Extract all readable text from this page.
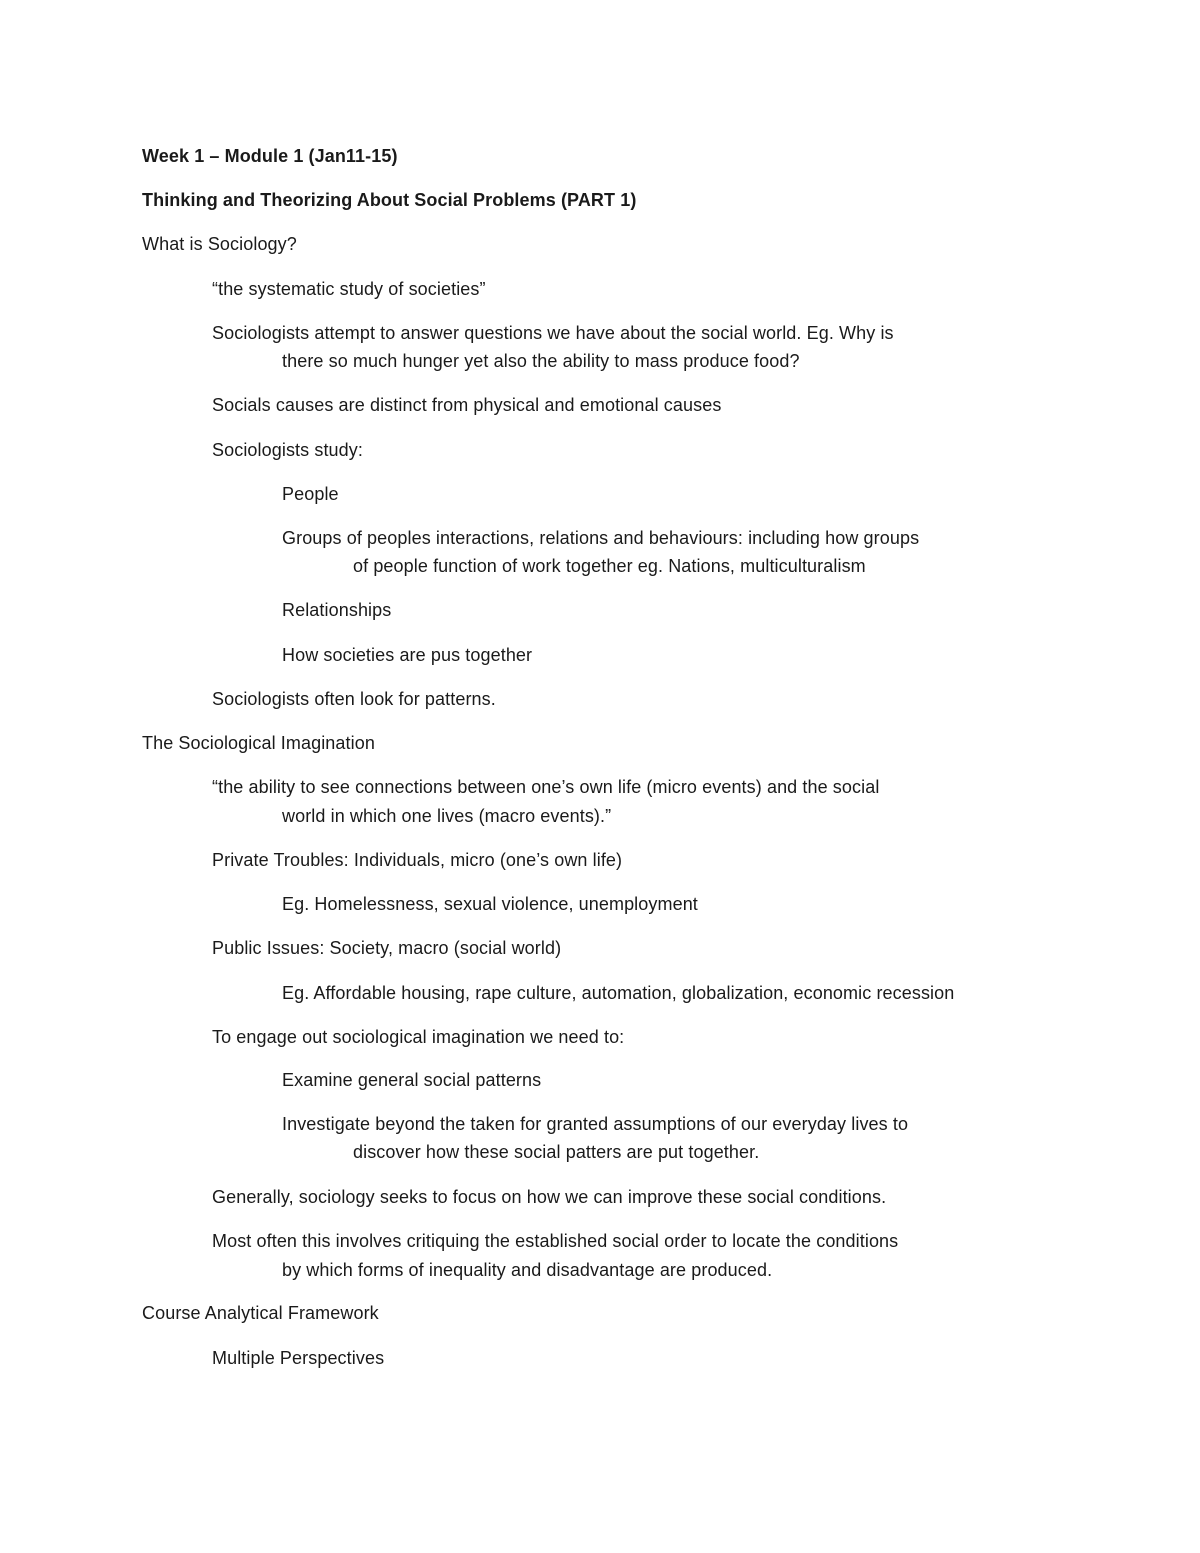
Week 1 – Module 1 (Jan11-15)

Thinking and Theorizing About Social Problems (PART 1)

What is Sociology?

“the systematic study of societies”

Sociologists attempt to answer questions we have about the social world. Eg. Why is

there so much hunger yet also the ability to mass produce food?

Socials causes are distinct from physical and emotional causes

Sociologists study:

People

Groups of peoples interactions, relations and behaviours: including how groups

of people function of work together eg. Nations, multiculturalism

Relationships

How societies are pus together

Sociologists often look for patterns.

The Sociological Imagination

“the ability to see connections between one’s own life (micro events) and the social

world in which one lives (macro events).”

Private Troubles: Individuals, micro (one’s own life)

Eg. Homelessness, sexual violence, unemployment

Public Issues: Society, macro (social world)

Eg. Affordable housing, rape culture, automation, globalization, economic recession

To engage out sociological imagination we need to:

Examine general social patterns

Investigate beyond the taken for granted assumptions of our everyday lives to

discover how these social patters are put together.

Generally, sociology seeks to focus on how we can improve these social conditions.

Most often this involves critiquing the established social order to locate the conditions

by which forms of inequality and disadvantage are produced.

Course Analytical Framework

Multiple Perspectives
